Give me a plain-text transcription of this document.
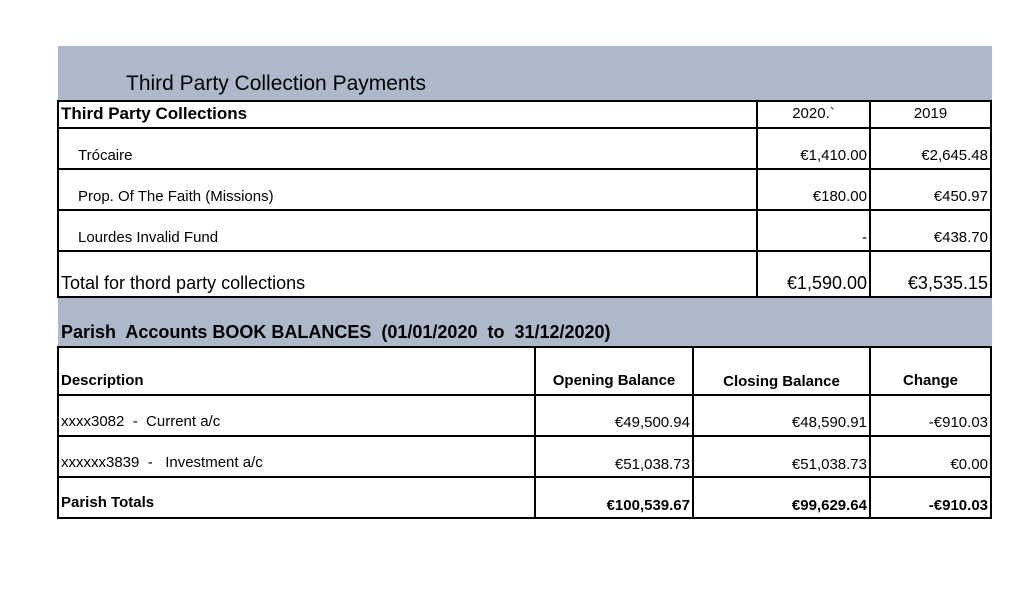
Third Party Collection Payments
Third Party Collections	2020.`	2019
Trócaire	€1,410.00	€2,645.48
Prop. Of The Faith (Missions)	€180.00	€450.97
Lourdes Invalid Fund	-	€438.70
Total for thord party collections	€1,590.00	€3,535.15
Parish  Accounts BOOK BALANCES  (01/01/2020  to  31/12/2020)
Description	Opening Balance	Closing Balance	Change
xxxx3082  -  Current a/c	€49,500.94	€48,590.91	-€910.03
xxxxxx3839  -   Investment a/c	€51,038.73	€51,038.73	€0.00
Parish Totals	€100,539.67	€99,629.64	-€910.03
